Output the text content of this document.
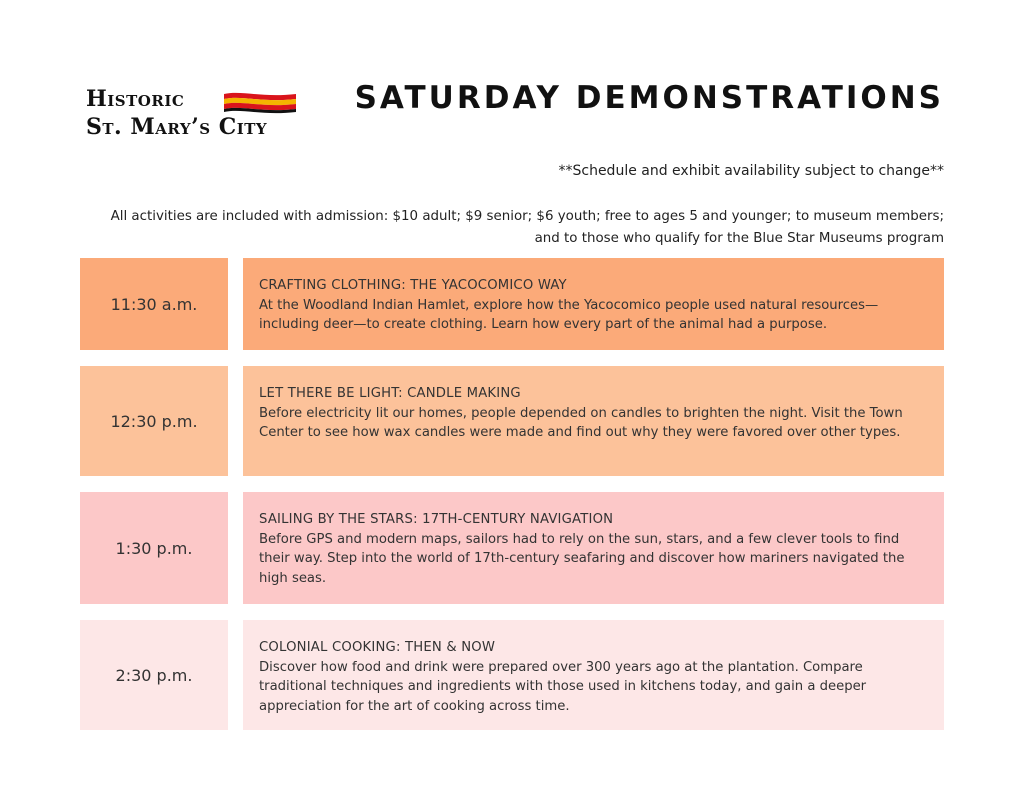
Historic
St. Mary’s City
SATURDAY DEMONSTRATIONS
**Schedule and exhibit availability subject to change**
All activities are included with admission: $10 adult; $9 senior; $6 youth; free to ages 5 and younger; to museum members;
and to those who qualify for the Blue Star Museums program
11:30 a.m.
CRAFTING CLOTHING: THE YACOCOMICO WAY
At the Woodland Indian Hamlet, explore how the Yacocomico people used natural resources—including deer—to create clothing. Learn how every part of the animal had a purpose.
12:30 p.m.
LET THERE BE LIGHT: CANDLE MAKING
Before electricity lit our homes, people depended on candles to brighten the night. Visit the Town Center to see how wax candles were made and find out why they were favored over other types.
1:30 p.m.
SAILING BY THE STARS: 17TH-CENTURY NAVIGATION
Before GPS and modern maps, sailors had to rely on the sun, stars, and a few clever tools to find their way. Step into the world of 17th-century seafaring and discover how mariners navigated the high seas.
2:30 p.m.
COLONIAL COOKING: THEN & NOW
Discover how food and drink were prepared over 300 years ago at the plantation. Compare traditional techniques and ingredients with those used in kitchens today, and gain a deeper appreciation for the art of cooking across time.
